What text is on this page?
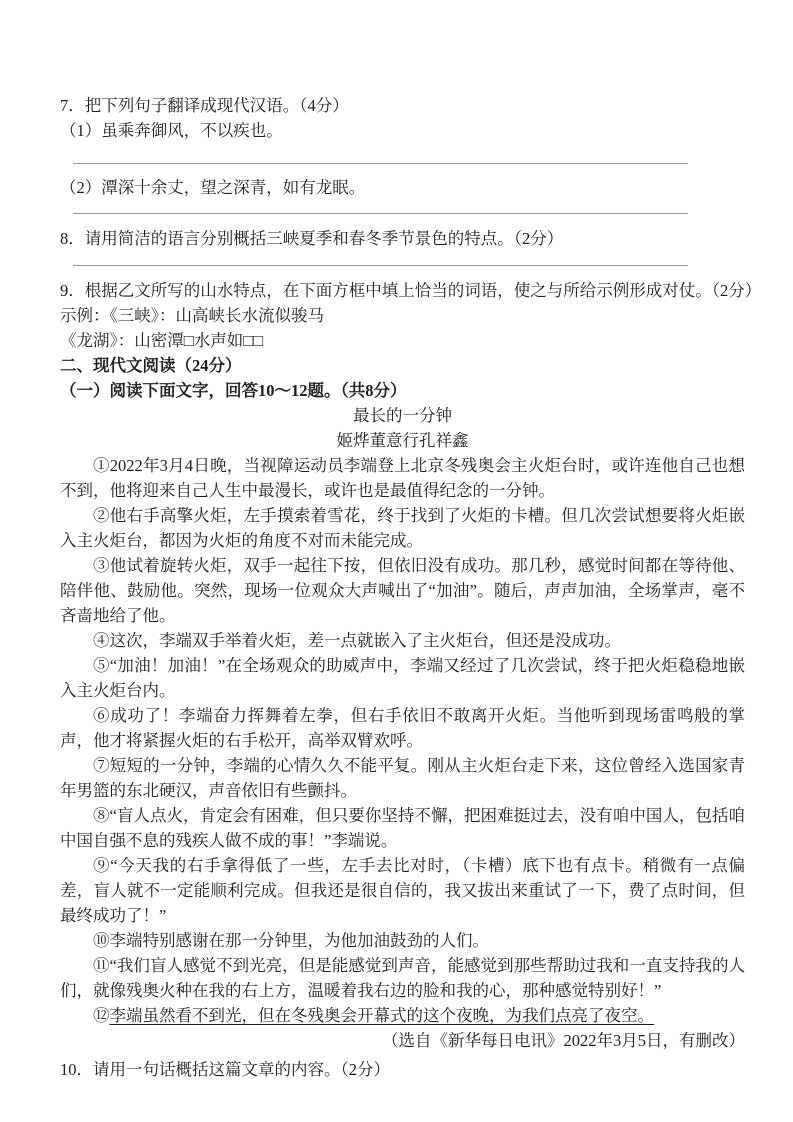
7．把下列句子翻译成现代汉语。（4分）
（1）虽乘奔御风，不以疾也。
（2）潭深十余丈，望之深青，如有龙眠。
8．请用简洁的语言分别概括三峡夏季和春冬季节景色的特点。（2分）
9．根据乙文所写的山水特点，在下面方框中填上恰当的词语，使之与所给示例形成对仗。（2分）
示例：《三峡》：山高峡长水流似骏马
《龙湖》：山密潭□水声如□□
二、现代文阅读（24分）
（一）阅读下面文字，回答10～12题。（共8分）
最长的一分钟
姬烨董意行孔祥鑫

①2022年3月4日晚，当视障运动员李端登上北京冬残奥会主火炬台时，或许连他自己也想不到，他将迎来自己人生中最漫长，或许也是最值得纪念的一分钟。

②他右手高擎火炬，左手摸索着雪花，终于找到了火炬的卡槽。但几次尝试想要将火炬嵌入主火炬台，都因为火炬的角度不对而未能完成。

③他试着旋转火炬，双手一起往下按，但依旧没有成功。那几秒，感觉时间都在等待他、陪伴他、鼓励他。突然，现场一位观众大声喊出了“加油”。随后，声声加油，全场掌声，毫不吝啬地给了他。

④这次，李端双手举着火炬，差一点就嵌入了主火炬台，但还是没成功。

⑤“加油！加油！”在全场观众的助威声中，李端又经过了几次尝试，终于把火炬稳稳地嵌入主火炬台内。

⑥成功了！李端奋力挥舞着左拳，但右手依旧不敢离开火炬。当他听到现场雷鸣般的掌声，他才将紧握火炬的右手松开，高举双臂欢呼。

⑦短短的一分钟，李端的心情久久不能平复。刚从主火炬台走下来，这位曾经入选国家青年男篮的东北硬汉，声音依旧有些颤抖。

⑧“盲人点火，肯定会有困难，但只要你坚持不懈，把困难挺过去，没有咱中国人，包括咱中国自强不息的残疾人做不成的事！”李端说。

⑨“今天我的右手拿得低了一些，左手去比对时，（卡槽）底下也有点卡。稍微有一点偏差，盲人就不一定能顺利完成。但我还是很自信的，我又拔出来重试了一下，费了点时间，但最终成功了！”

⑩李端特别感谢在那一分钟里，为他加油鼓劲的人们。

⑪“我们盲人感觉不到光亮，但是能感觉到声音，能感觉到那些帮助过我和一直支持我的人们，就像残奥火种在我的右上方，温暖着我右边的脸和我的心，那种感觉特别好！”

⑫李端虽然看不到光，但在冬残奥会开幕式的这个夜晚，为我们点亮了夜空。

（选自《新华每日电讯》2022年3月5日，有删改）
10．请用一句话概括这篇文章的内容。（2分）
